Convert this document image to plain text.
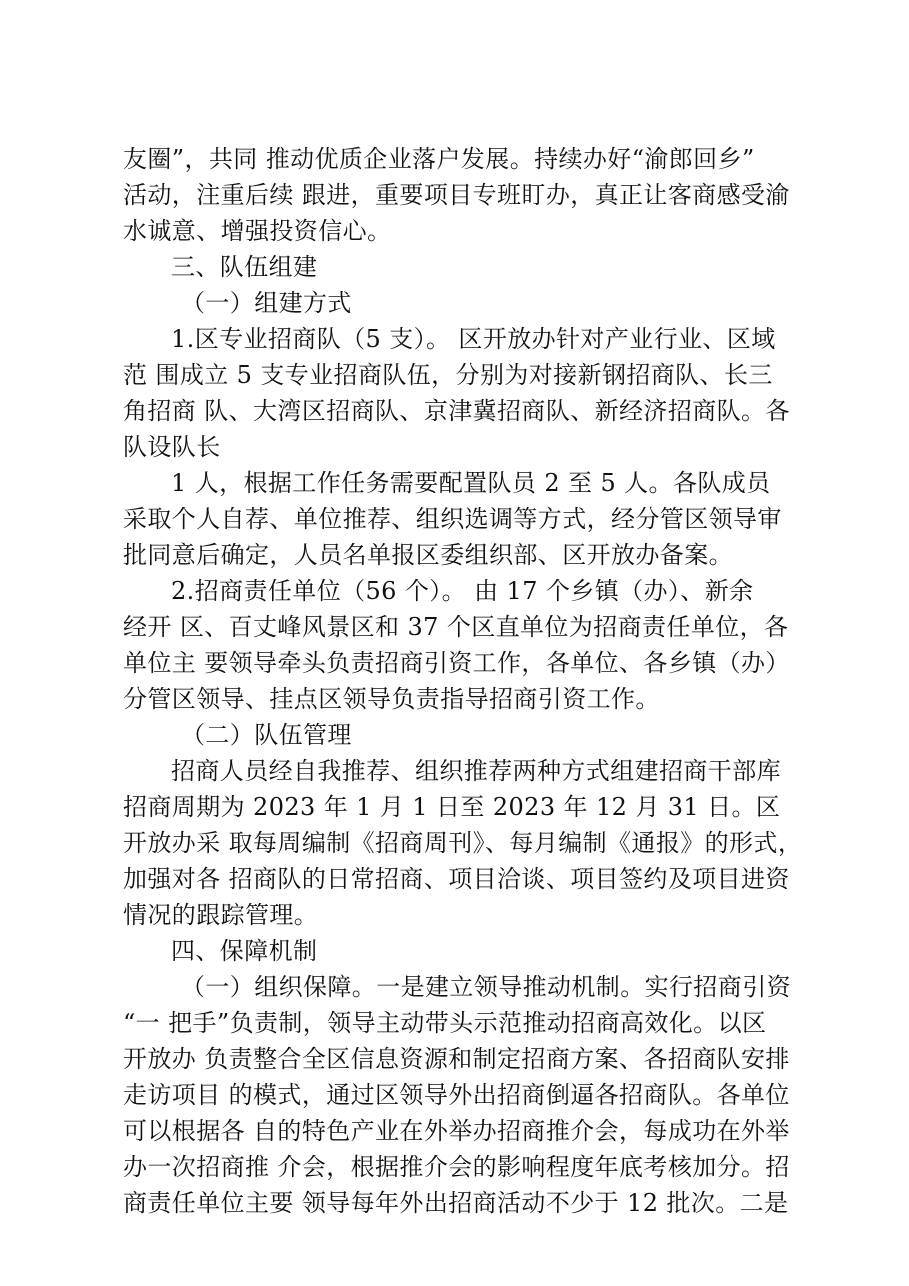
友圈”，共同 推动优质企业落户发展。持续办好“渝郎回乡”
活动，注重后续 跟进，重要项目专班盯办，真正让客商感受渝
水诚意、增强投资信心。
三、队伍组建
（一）组建方式
1.区专业招商队（5 支）。 区开放办针对产业行业、区域
范 围成立 5 支专业招商队伍，分别为对接新钢招商队、长三
角招商 队、大湾区招商队、京津冀招商队、新经济招商队。各
队设队长
1 人，根据工作任务需要配置队员 2 至 5 人。各队成员
采取个人自荐、单位推荐、组织选调等方式，经分管区领导审
批同意后确定，人员名单报区委组织部、区开放办备案。
2.招商责任单位（56 个）。 由 17 个乡镇（办）、新余
经开 区、百丈峰风景区和 37 个区直单位为招商责任单位，各
单位主 要领导牵头负责招商引资工作，各单位、各乡镇（办）
分管区领导、挂点区领导负责指导招商引资工作。
（二）队伍管理
招商人员经自我推荐、组织推荐两种方式组建招商干部库
招商周期为 2023 年 1 月 1 日至 2023 年 12 月 31 日。区
开放办采 取每周编制《招商周刊》、每月编制《通报》的形式，
加强对各 招商队的日常招商、项目洽谈、项目签约及项目进资
情况的跟踪管理。
四、保障机制
（一）组织保障。一是建立领导推动机制。实行招商引资
“一 把手”负责制，领导主动带头示范推动招商高效化。以区
开放办 负责整合全区信息资源和制定招商方案、各招商队安排
走访项目 的模式，通过区领导外出招商倒逼各招商队。各单位
可以根据各 自的特色产业在外举办招商推介会，每成功在外举
办一次招商推 介会，根据推介会的影响程度年底考核加分。招
商责任单位主要 领导每年外出招商活动不少于 12 批次。二是
